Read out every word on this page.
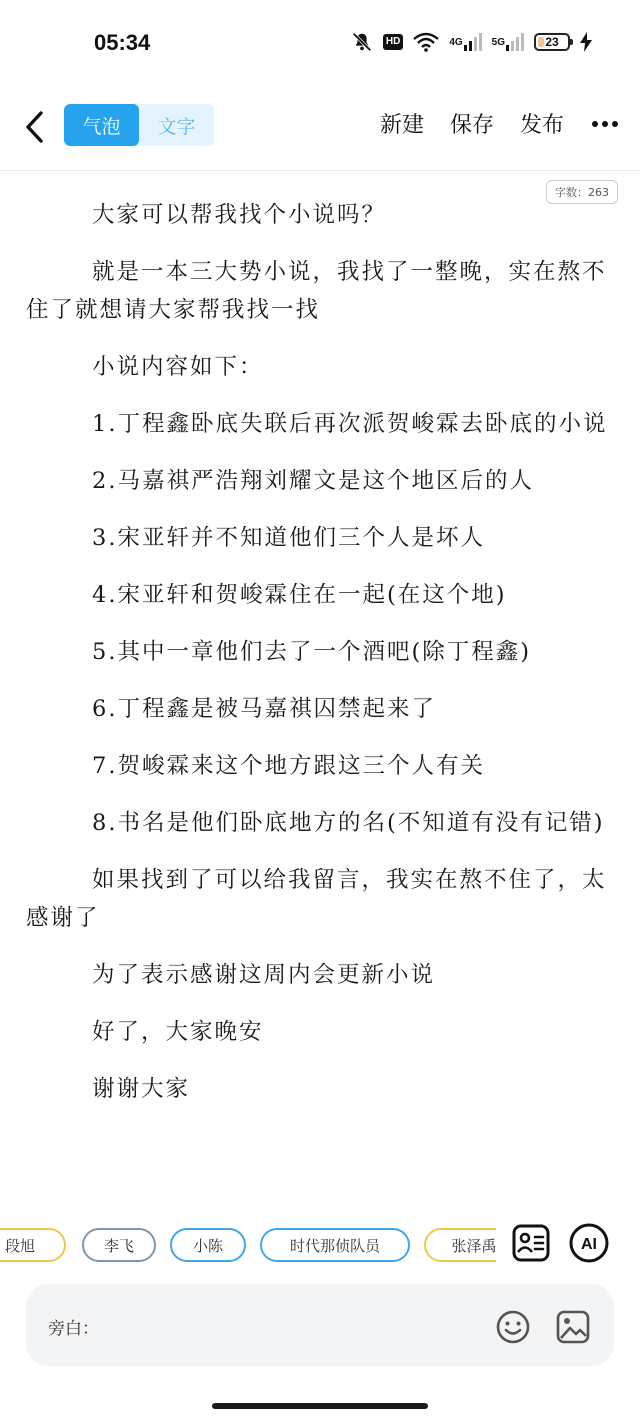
05:34	HD	4G	5G	23
气泡	文字	新建 保存 发布
字数：263

大家可以帮我找个小说吗？

就是一本三大势小说，我找了一整晚，实在熬不住了就想请大家帮我找一找

小说内容如下：

1.丁程鑫卧底失联后再次派贺峻霖去卧底的小说

2.马嘉祺严浩翔刘耀文是这个地区后的人

3.宋亚轩并不知道他们三个人是坏人

4.宋亚轩和贺峻霖住在一起(在这个地)

5.其中一章他们去了一个酒吧(除丁程鑫)

6.丁程鑫是被马嘉祺囚禁起来了

7.贺峻霖来这个地方跟这三个人有关

8.书名是他们卧底地方的名(不知道有没有记错)

如果找到了可以给我留言，我实在熬不住了，太感谢了

为了表示感谢这周内会更新小说

好了，大家晚安

谢谢大家

段旭	李飞	小陈	时代那侦队员	张泽禹	AI
旁白：
